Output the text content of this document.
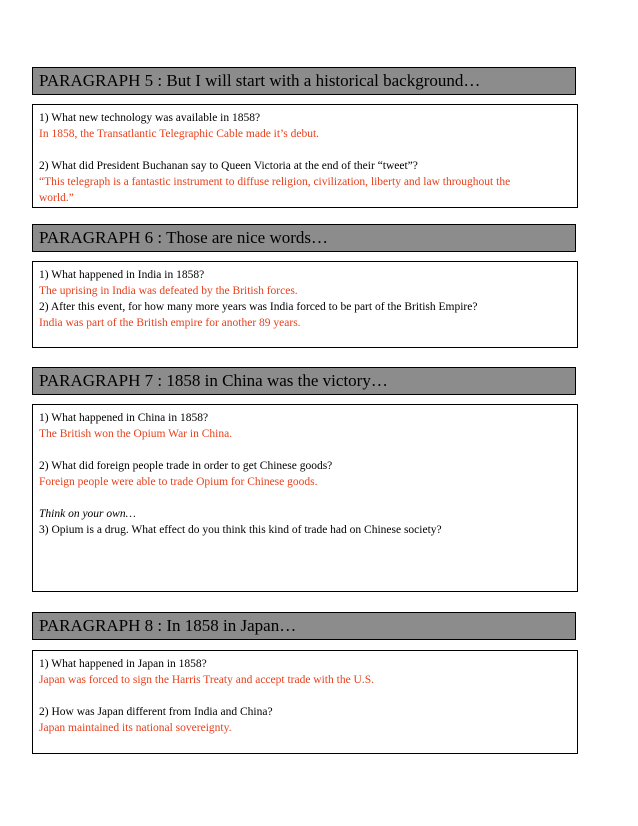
PARAGRAPH 5 : But I will start with a historical background…
1) What new technology was available in 1858?
In 1858, the Transatlantic Telegraphic Cable made it’s debut.
2) What did President Buchanan say to Queen Victoria at the end of their “tweet”?
“This telegraph is a fantastic instrument to diffuse religion, civilization, liberty and law throughout the
world.”
PARAGRAPH 6 : Those are nice words…
1) What happened in India in 1858?
The uprising in India was defeated by the British forces.
2) After this event, for how many more years was India forced to be part of the British Empire?
India was part of the British empire for another 89 years.
PARAGRAPH 7 : 1858 in China was the victory…
1) What happened in China in 1858?
The British won the Opium War in China.
2) What did foreign people trade in order to get Chinese goods?
Foreign people were able to trade Opium for Chinese goods.
Think on your own…
3) Opium is a drug. What effect do you think this kind of trade had on Chinese society?
PARAGRAPH 8 : In 1858 in Japan…
1) What happened in Japan in 1858?
Japan was forced to sign the Harris Treaty and accept trade with the U.S.
2) How was Japan different from India and China?
Japan maintained its national sovereignty.
